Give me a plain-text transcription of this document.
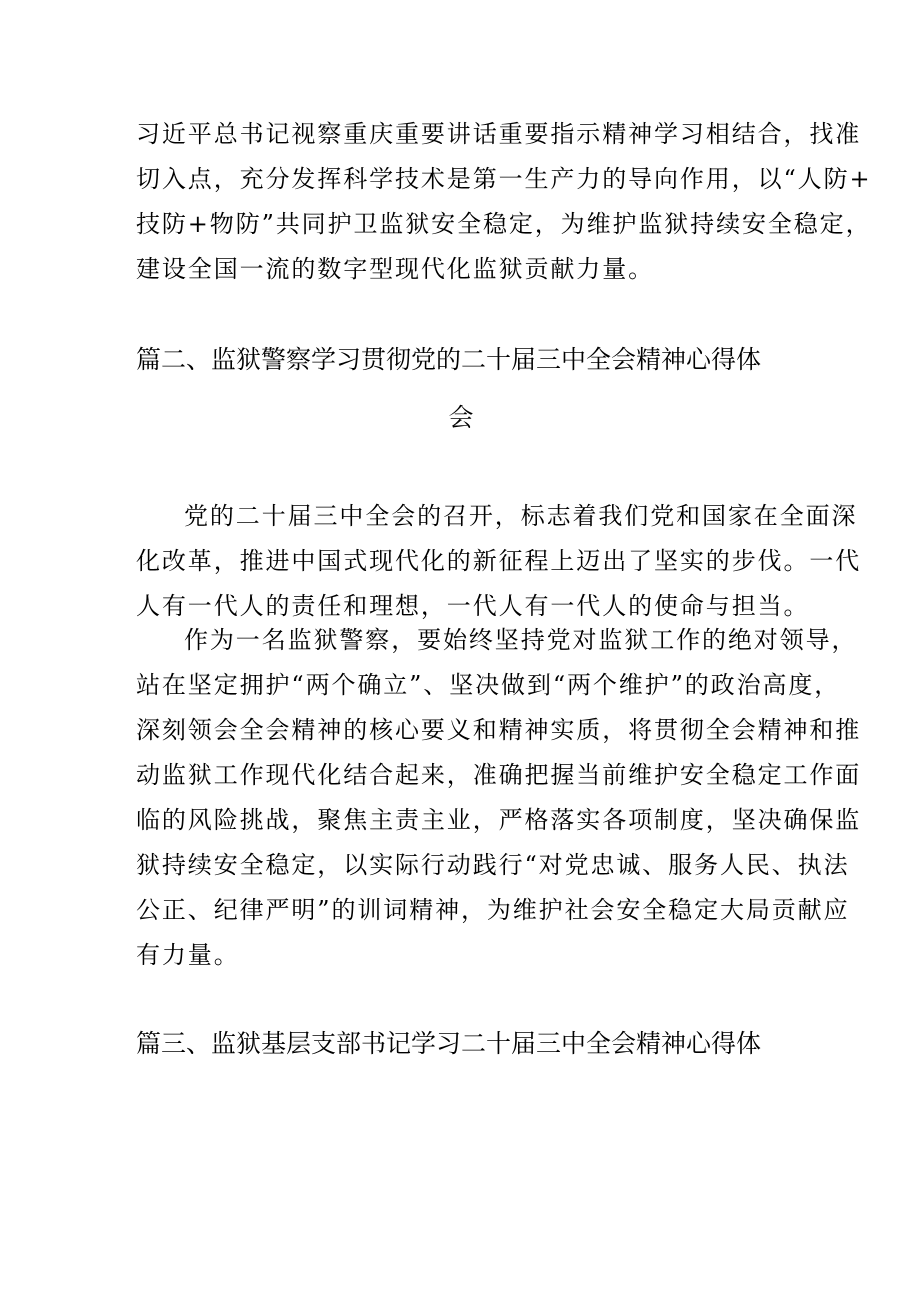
习近平总书记视察重庆重要讲话重要指示精神学习相结合，找准
切入点，充分发挥科学技术是第一生产力的导向作用，以“人防+
技防+物防”共同护卫监狱安全稳定，为维护监狱持续安全稳定，
建设全国一流的数字型现代化监狱贡献力量。
篇二、监狱警察学习贯彻党的二十届三中全会精神心得体
会
党的二十届三中全会的召开，标志着我们党和国家在全面深
化改革，推进中国式现代化的新征程上迈出了坚实的步伐。一代
人有一代人的责任和理想，一代人有一代人的使命与担当。
作为一名监狱警察，要始终坚持党对监狱工作的绝对领导，
站在坚定拥护“两个确立”、坚决做到“两个维护”的政治高度，
深刻领会全会精神的核心要义和精神实质，将贯彻全会精神和推
动监狱工作现代化结合起来，准确把握当前维护安全稳定工作面
临的风险挑战，聚焦主责主业，严格落实各项制度，坚决确保监
狱持续安全稳定，以实际行动践行“对党忠诚、服务人民、执法
公正、纪律严明”的训词精神，为维护社会安全稳定大局贡献应
有力量。
篇三、监狱基层支部书记学习二十届三中全会精神心得体
